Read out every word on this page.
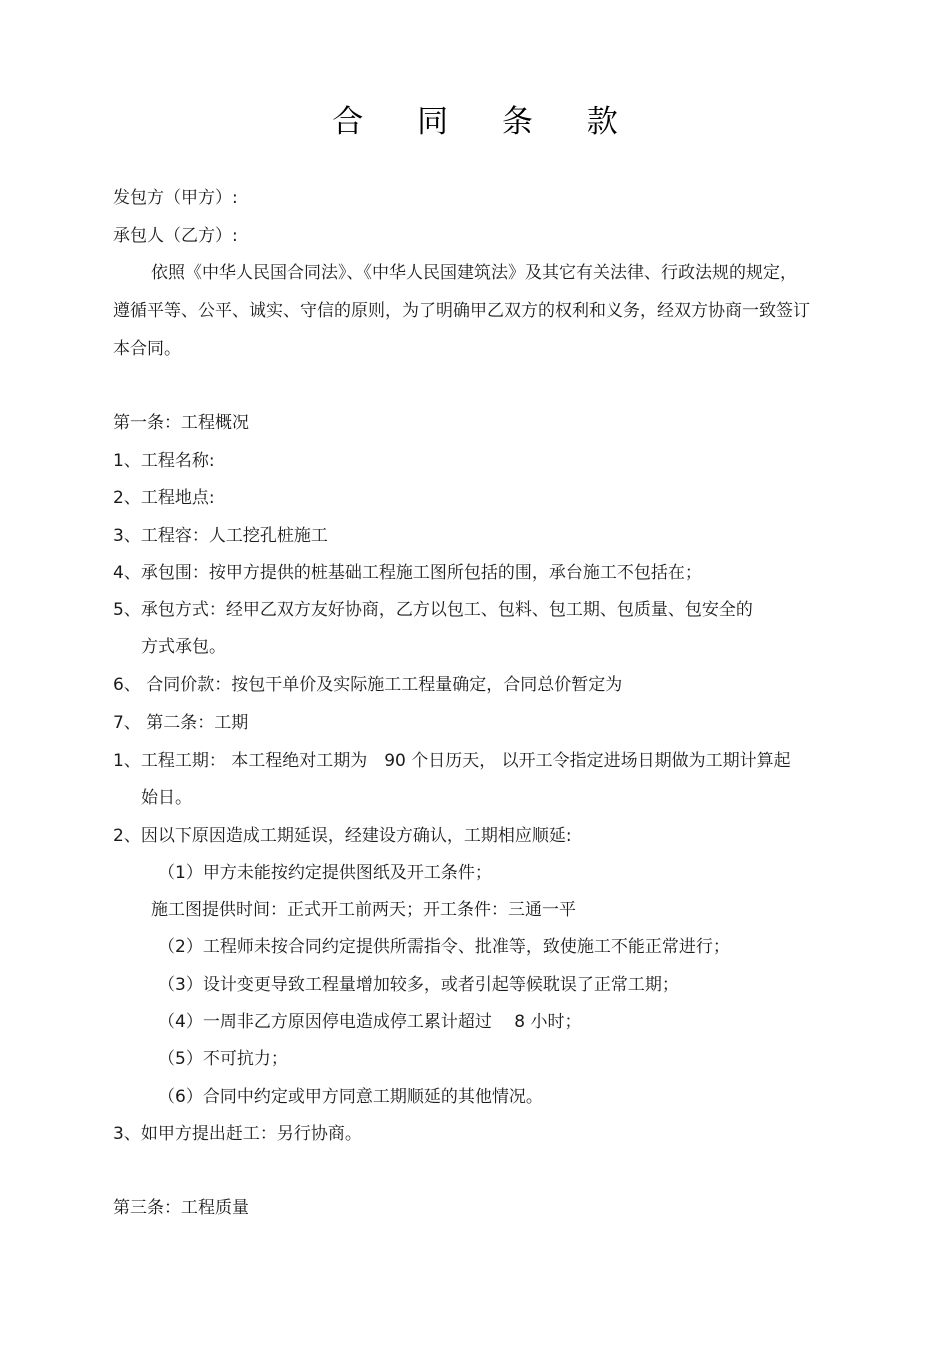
合 同 条 款
发包方（甲方）:
承包人（乙方）:
依照《中华人民国合同法》、《中华人民国建筑法》及其它有关法律、行政法规的规定，遵循平等、公平、诚实、守信的原则，为了明确甲乙双方的权利和义务，经双方协商一致签订本合同。
第一条：工程概况
1、工程名称:
2、工程地点:
3、工程容：人工挖孔桩施工
4、承包围：按甲方提供的桩基础工程施工图所包括的围，承台施工不包括在；
5、承包方式：经甲乙双方友好协商，乙方以包工、包料、包工期、包质量、包安全的
方式承包。
6、 合同价款：按包干单价及实际施工工程量确定，合同总价暂定为
7、 第二条：工期
1、工程工期： 本工程绝对工期为　90 个日历天， 以开工令指定进场日期做为工期计算起
始日。
2、因以下原因造成工期延误，经建设方确认，工期相应顺延:
（1）甲方未能按约定提供图纸及开工条件；
施工图提供时间：正式开工前两天；开工条件：三通一平
（2）工程师未按合同约定提供所需指令、批准等，致使施工不能正常进行；
（3）设计变更导致工程量增加较多，或者引起等候耽误了正常工期；
（4）一周非乙方原因停电造成停工累计超过　 8 小时；
（5）不可抗力；
（6）合同中约定或甲方同意工期顺延的其他情况。
3、如甲方提出赶工：另行协商。
第三条：工程质量
